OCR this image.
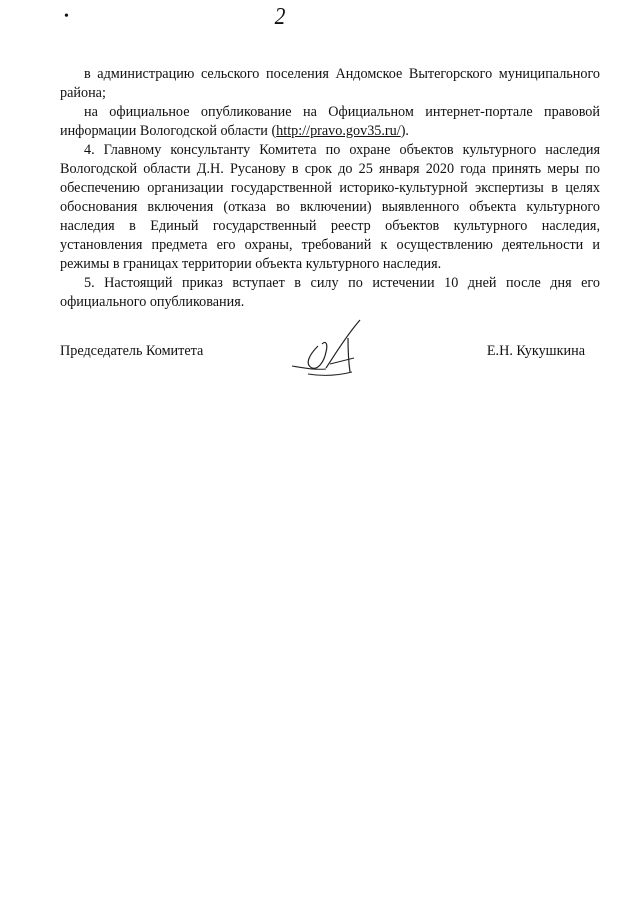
•	2

в администрацию сельского поселения Андомское Вытегорского муниципального района;

на официальное опубликование на Официальном интернет-портале правовой информации Вологодской области (http://pravo.gov35.ru/).

4. Главному консультанту Комитета по охране объектов культурного наследия Вологодской области Д.Н. Русанову в срок до 25 января 2020 года принять меры по обеспечению организации государственной историко-культурной экспертизы в целях обоснования включения (отказа во включении) выявленного объекта культурного наследия в Единый государственный реестр объектов культурного наследия, установления предмета его охраны, требований к осуществлению деятельности и режимы в границах территории объекта культурного наследия.

5. Настоящий приказ вступает в силу по истечении 10 дней после дня его официального опубликования.

Председатель Комитета	Е.Н. Кукушкина
